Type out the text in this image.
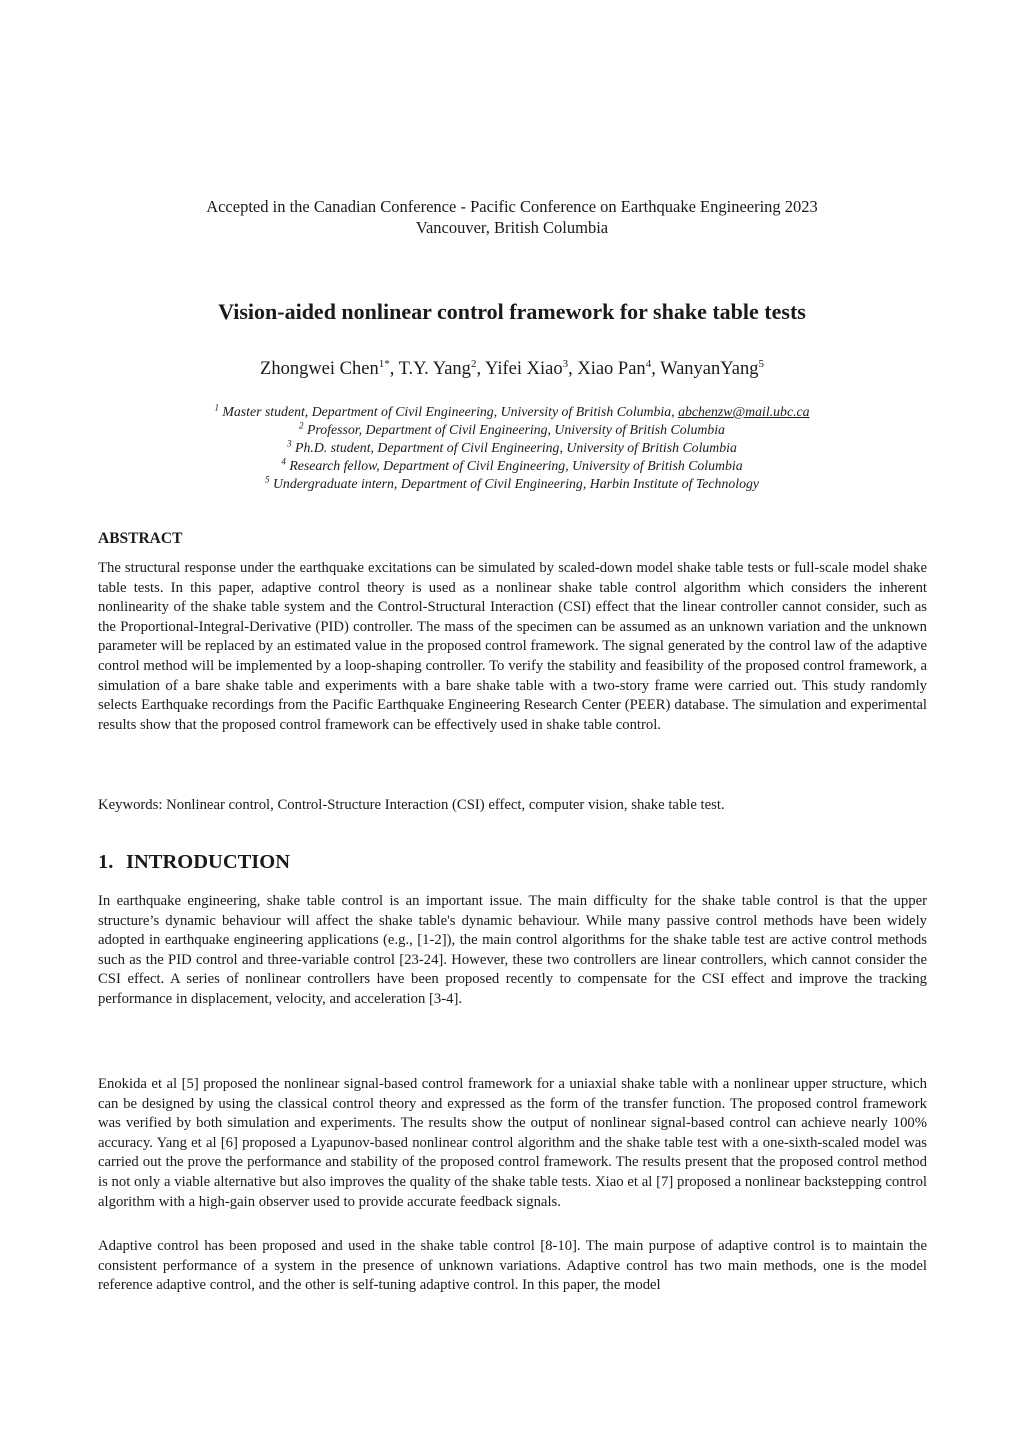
Accepted in the Canadian Conference - Pacific Conference on Earthquake Engineering 2023
Vancouver, British Columbia
Vision-aided nonlinear control framework for shake table tests
Zhongwei Chen$^{1*}$, T.Y. Yang$^2$, Yifei Xiao$^3$, Xiao Pan$^4$, WanyanYang$^5$
$^1$ Master student, Department of Civil Engineering, University of British Columbia, abchenzw@mail.ubc.ca
$^2$ Professor, Department of Civil Engineering, University of British Columbia
$^3$ Ph.D. student, Department of Civil Engineering, University of British Columbia
$^4$ Research fellow, Department of Civil Engineering, University of British Columbia
$^5$ Undergraduate intern, Department of Civil Engineering, Harbin Institute of Technology
ABSTRACT
The structural response under the earthquake excitations can be simulated by scaled-down model shake table tests or full-scale model shake table tests. In this paper, adaptive control theory is used as a nonlinear shake table control algorithm which considers the inherent nonlinearity of the shake table system and the Control-Structural Interaction (CSI) effect that the linear controller cannot consider, such as the Proportional-Integral-Derivative (PID) controller. The mass of the specimen can be assumed as an unknown variation and the unknown parameter will be replaced by an estimated value in the proposed control framework. The signal generated by the control law of the adaptive control method will be implemented by a loop-shaping controller. To verify the stability and feasibility of the proposed control framework, a simulation of a bare shake table and experiments with a bare shake table with a two-story frame were carried out. This study randomly selects Earthquake recordings from the Pacific Earthquake Engineering Research Center (PEER) database. The simulation and experimental results show that the proposed control framework can be effectively used in shake table control.
Keywords: Nonlinear control, Control-Structure Interaction (CSI) effect, computer vision, shake table test.
1. INTRODUCTION
In earthquake engineering, shake table control is an important issue. The main difficulty for the shake table control is that the upper structure’s dynamic behaviour will affect the shake table's dynamic behaviour. While many passive control methods have been widely adopted in earthquake engineering applications (e.g., [1-2]), the main control algorithms for the shake table test are active control methods such as the PID control and three-variable control [23-24]. However, these two controllers are linear controllers, which cannot consider the CSI effect. A series of nonlinear controllers have been proposed recently to compensate for the CSI effect and improve the tracking performance in displacement, velocity, and acceleration [3-4].
Enokida et al [5] proposed the nonlinear signal-based control framework for a uniaxial shake table with a nonlinear upper structure, which can be designed by using the classical control theory and expressed as the form of the transfer function. The proposed control framework was verified by both simulation and experiments. The results show the output of nonlinear signal-based control can achieve nearly 100% accuracy. Yang et al [6] proposed a Lyapunov-based nonlinear control algorithm and the shake table test with a one-sixth-scaled model was carried out the prove the performance and stability of the proposed control framework. The results present that the proposed control method is not only a viable alternative but also improves the quality of the shake table tests. Xiao et al [7] proposed a nonlinear backstepping control algorithm with a high-gain observer used to provide accurate feedback signals.
Adaptive control has been proposed and used in the shake table control [8-10]. The main purpose of adaptive control is to maintain the consistent performance of a system in the presence of unknown variations. Adaptive control has two main methods, one is the model reference adaptive control, and the other is self-tuning adaptive control. In this paper, the model
